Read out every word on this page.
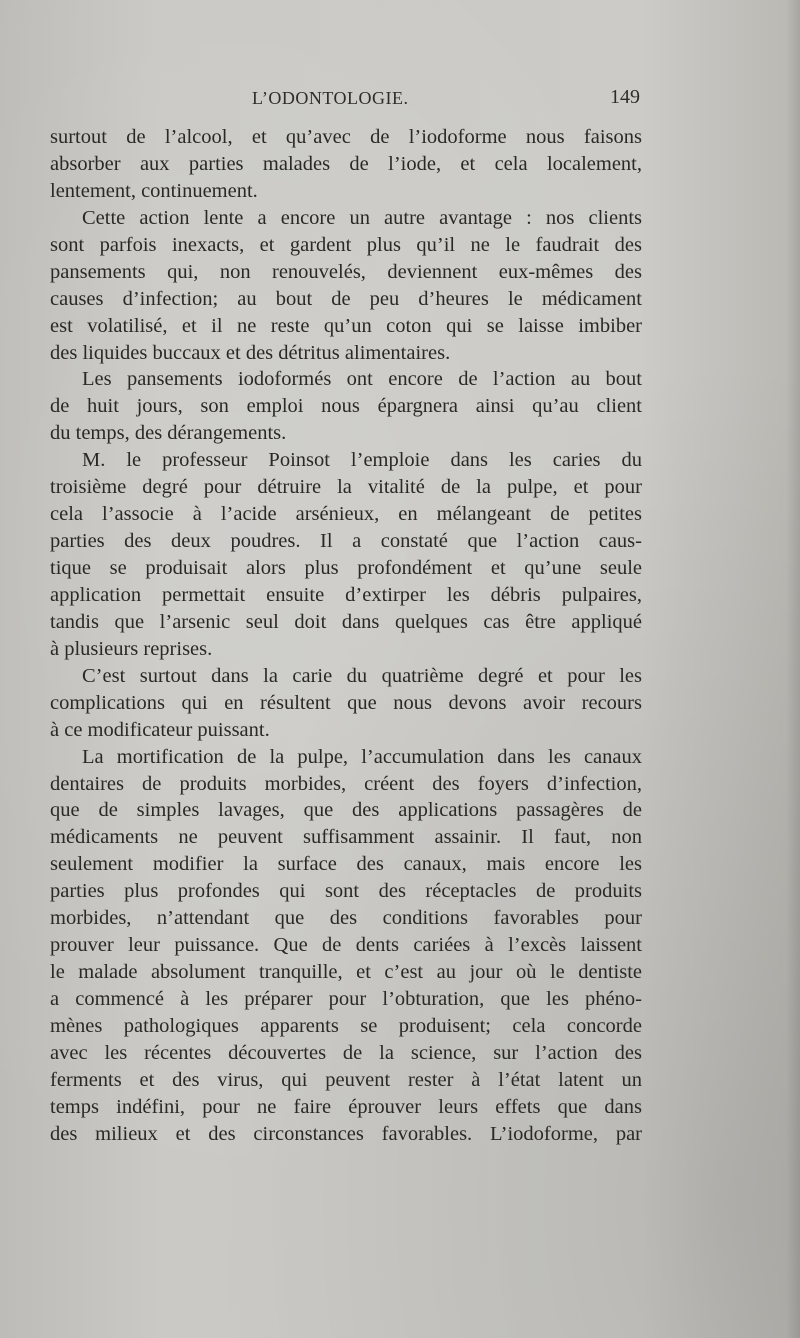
L’ODONTOLOGIE.	149
surtout de l’alcool, et qu’avec de l’iodoforme nous faisons
absorber aux parties malades de l’iode, et cela localement,
lentement, continuement.
Cette action lente a encore un autre avantage : nos clients
sont parfois inexacts, et gardent plus qu’il ne le faudrait des
pansements qui, non renouvelés, deviennent eux-mêmes des
causes d’infection; au bout de peu d’heures le médicament
est volatilisé, et il ne reste qu’un coton qui se laisse imbiber
des liquides buccaux et des détritus alimentaires.
Les pansements iodoformés ont encore de l’action au bout
de huit jours, son emploi nous épargnera ainsi qu’au client
du temps, des dérangements.
M. le professeur Poinsot l’emploie dans les caries du
troisième degré pour détruire la vitalité de la pulpe, et pour
cela l’associe à l’acide arsénieux, en mélangeant de petites
parties des deux poudres. Il a constaté que l’action caus-
tique se produisait alors plus profondément et qu’une seule
application permettait ensuite d’extirper les débris pulpaires,
tandis que l’arsenic seul doit dans quelques cas être appliqué
à plusieurs reprises.
C’est surtout dans la carie du quatrième degré et pour les
complications qui en résultent que nous devons avoir recours
à ce modificateur puissant.
La mortification de la pulpe, l’accumulation dans les canaux
dentaires de produits morbides, créent des foyers d’infection,
que de simples lavages, que des applications passagères de
médicaments ne peuvent suffisamment assainir. Il faut, non
seulement modifier la surface des canaux, mais encore les
parties plus profondes qui sont des réceptacles de produits
morbides, n’attendant que des conditions favorables pour
prouver leur puissance. Que de dents cariées à l’excès laissent
le malade absolument tranquille, et c’est au jour où le dentiste
a commencé à les préparer pour l’obturation, que les phéno-
mènes pathologiques apparents se produisent; cela concorde
avec les récentes découvertes de la science, sur l’action des
ferments et des virus, qui peuvent rester à l’état latent un
temps indéfini, pour ne faire éprouver leurs effets que dans
des milieux et des circonstances favorables. L’iodoforme, par
